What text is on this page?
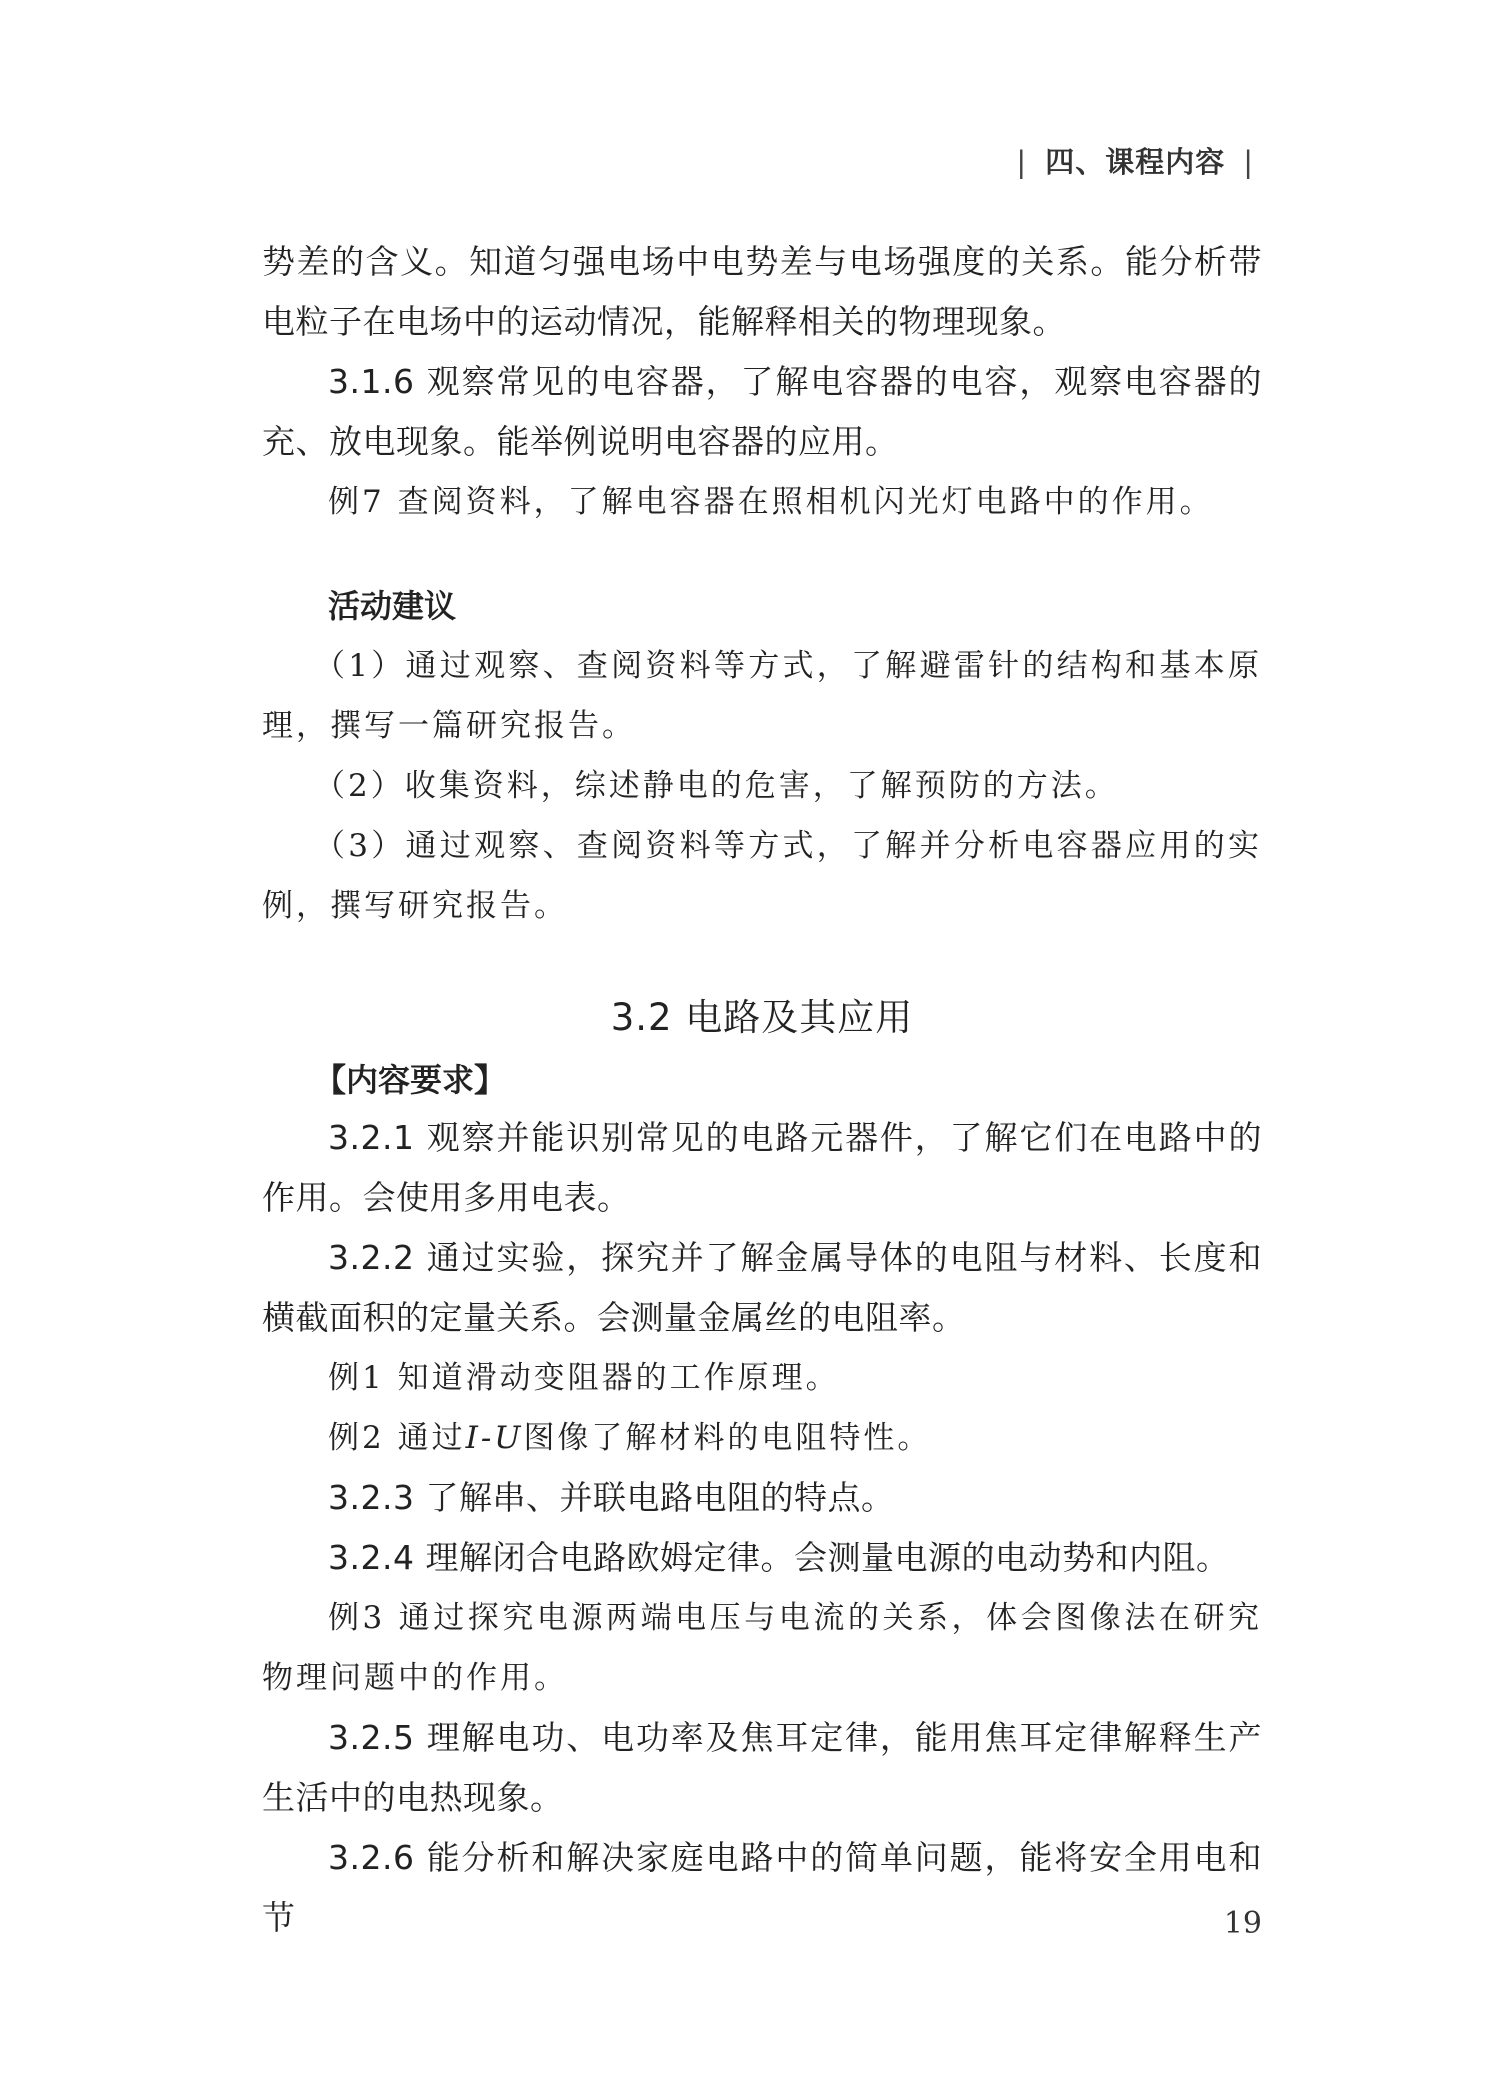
| 四、课程内容 |

势差的含义。知道匀强电场中电势差与电场强度的关系。能分析带电粒子在电场中的运动情况，能解释相关的物理现象。

3.1.6 观察常见的电容器，了解电容器的电容，观察电容器的充、放电现象。能举例说明电容器的应用。

例7 查阅资料，了解电容器在照相机闪光灯电路中的作用。

活动建议

（1）通过观察、查阅资料等方式，了解避雷针的结构和基本原理，撰写一篇研究报告。

（2）收集资料，综述静电的危害，了解预防的方法。

（3）通过观察、查阅资料等方式，了解并分析电容器应用的实例，撰写研究报告。

3.2 电路及其应用

【内容要求】

3.2.1 观察并能识别常见的电路元器件，了解它们在电路中的作用。会使用多用电表。

3.2.2 通过实验，探究并了解金属导体的电阻与材料、长度和横截面积的定量关系。会测量金属丝的电阻率。

例1 知道滑动变阻器的工作原理。

例2 通过I-U图像了解材料的电阻特性。

3.2.3 了解串、并联电路电阻的特点。

3.2.4 理解闭合电路欧姆定律。会测量电源的电动势和内阻。

例3 通过探究电源两端电压与电流的关系，体会图像法在研究物理问题中的作用。

3.2.5 理解电功、电功率及焦耳定律，能用焦耳定律解释生产生活中的电热现象。

3.2.6 能分析和解决家庭电路中的简单问题，能将安全用电和节	19
